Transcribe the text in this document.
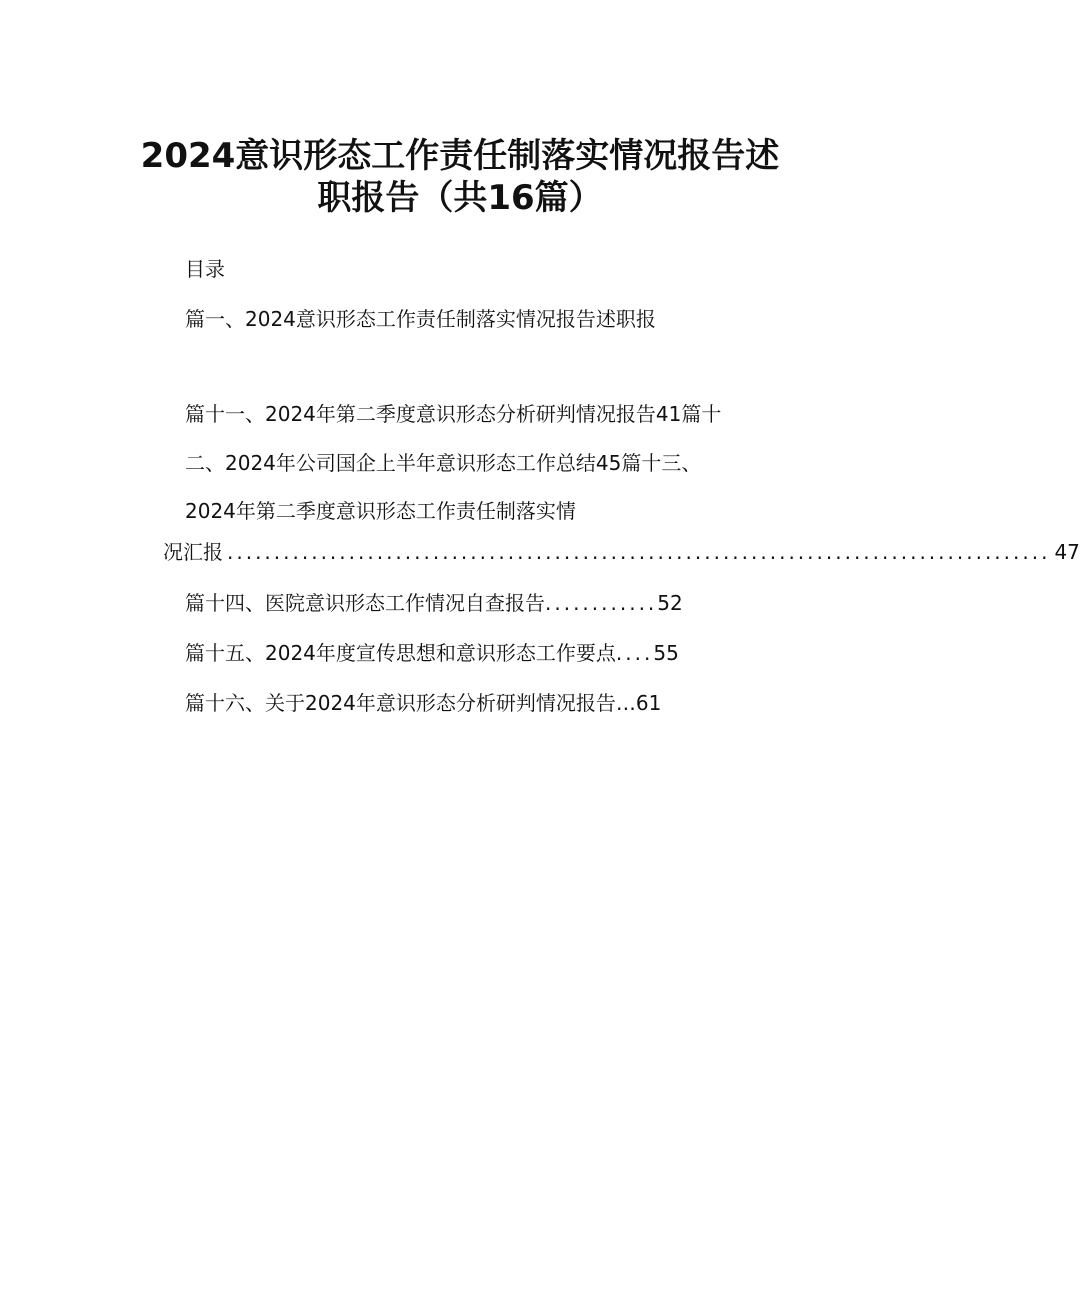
2024意识形态工作责任制落实情况报告述
职报告（共16篇）
目录
篇一、2024意识形态工作责任制落实情况报告述职报
篇十一、2024年第二季度意识形态分析研判情况报告41篇十
二、2024年公司国企上半年意识形态工作总结45篇十三、
2024年第二季度意识形态工作责任制落实情
况汇报 ........................................................................................ 47
篇十四、医院意识形态工作情况自查报告............52
篇十五、2024年度宣传思想和意识形态工作要点....55
篇十六、关于2024年意识形态分析研判情况报告…61
